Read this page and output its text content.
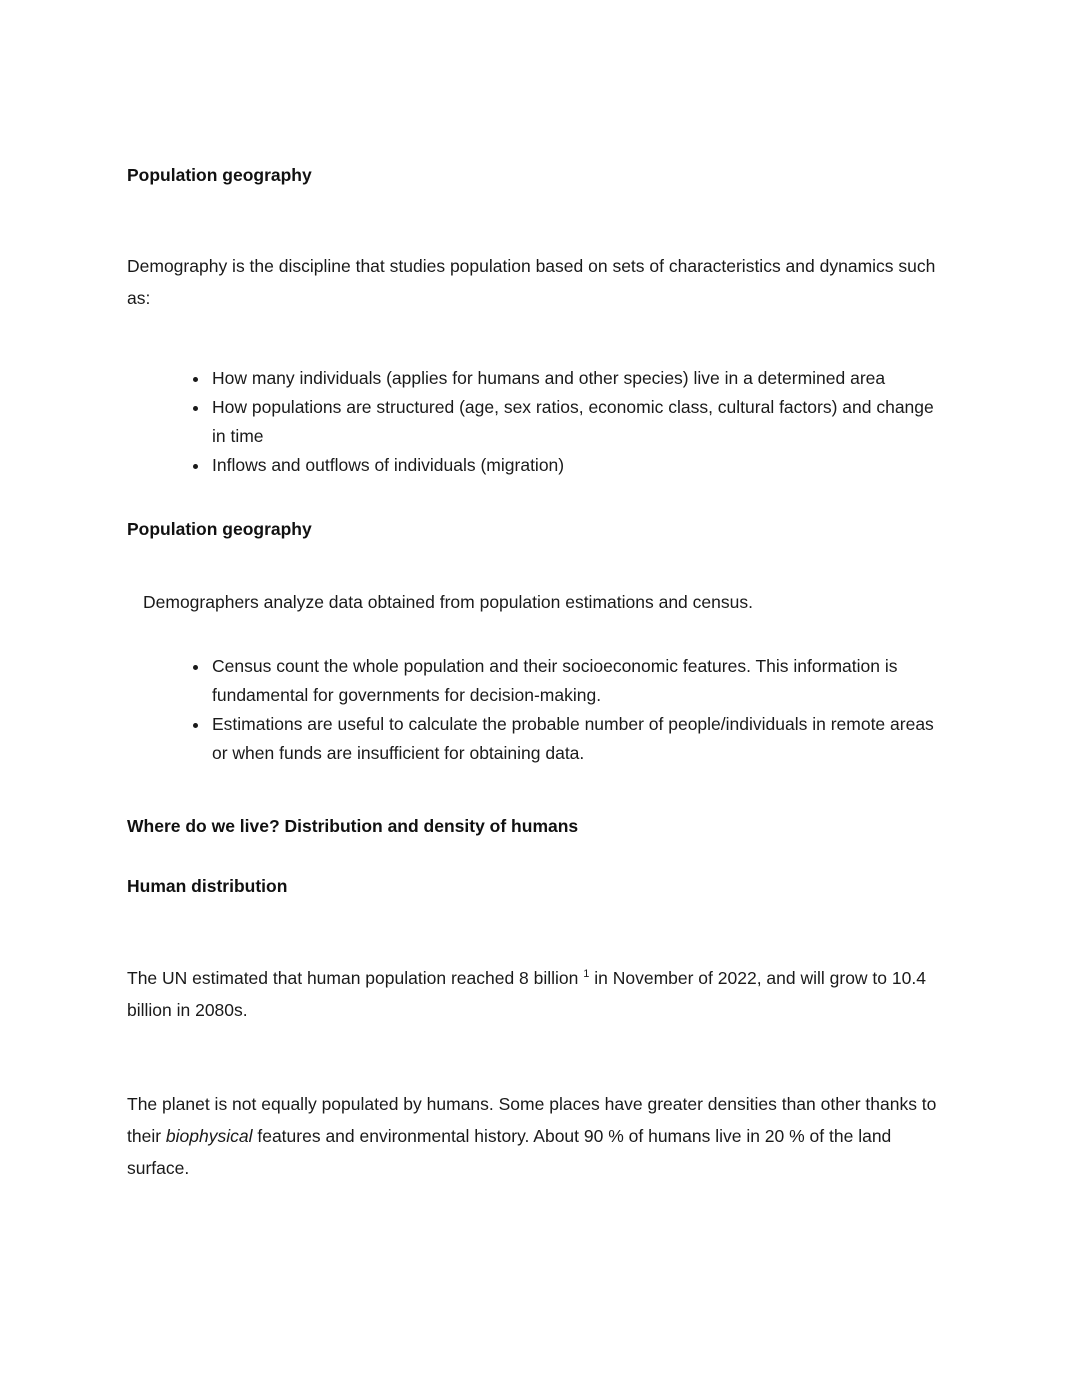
Population geography

Demography is the discipline that studies population based on sets of characteristics and dynamics such as:

• How many individuals (applies for humans and other species) live in a determined area
• How populations are structured (age, sex ratios, economic class, cultural factors) and change in time
• Inflows and outflows of individuals (migration)
Population geography

Demographers analyze data obtained from population estimations and census.

• Census count the whole population and their socioeconomic features. This information is fundamental for governments for decision-making.
• Estimations are useful to calculate the probable number of people/individuals in remote areas or when funds are insufficient for obtaining data.
Where do we live? Distribution and density of humans
Human distribution

The UN estimated that human population reached 8 billion $^1$ in November of 2022, and will grow to 10.4 billion in 2080s.

The planet is not equally populated by humans. Some places have greater densities than other thanks to their biophysical features and environmental history. About 90 % of humans live in 20 % of the land surface.
